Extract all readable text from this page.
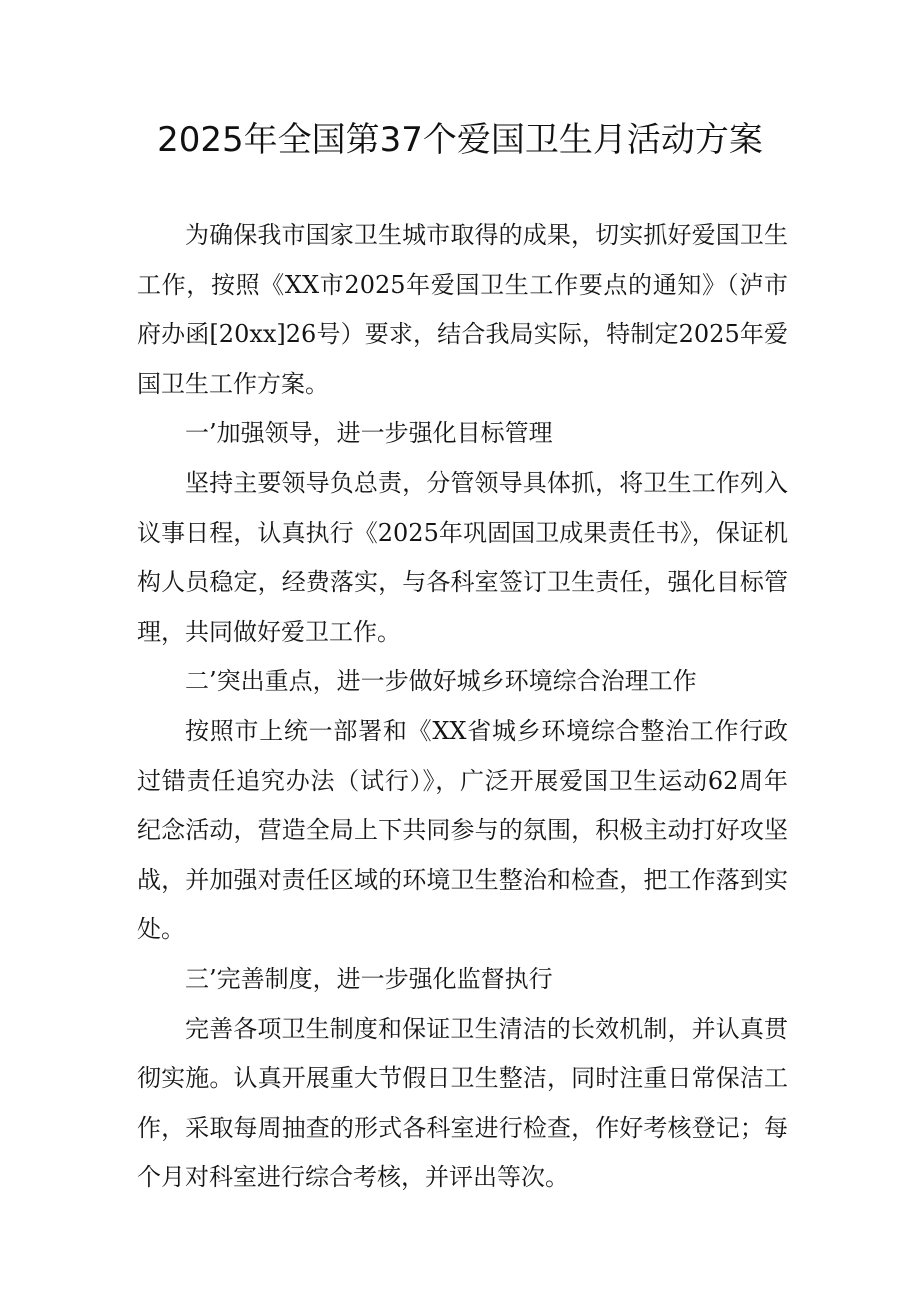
2025年全国第37个爱国卫生月活动方案

为确保我市国家卫生城市取得的成果，切实抓好爱国卫生工作，按照《XX市2025年爱国卫生工作要点的通知》（泸市府办函[20xx]26号）要求，结合我局实际，特制定2025年爱国卫生工作方案。

一’加强领导，进一步强化目标管理

坚持主要领导负总责，分管领导具体抓，将卫生工作列入议事日程，认真执行《2025年巩固国卫成果责任书》，保证机构人员稳定，经费落实，与各科室签订卫生责任，强化目标管理，共同做好爱卫工作。

二’突出重点，进一步做好城乡环境综合治理工作

按照市上统一部署和《XX省城乡环境综合整治工作行政过错责任追究办法（试行）》，广泛开展爱国卫生运动62周年纪念活动，营造全局上下共同参与的氛围，积极主动打好攻坚战，并加强对责任区域的环境卫生整治和检查，把工作落到实处。

三’完善制度，进一步强化监督执行

完善各项卫生制度和保证卫生清洁的长效机制，并认真贯彻实施。认真开展重大节假日卫生整洁，同时注重日常保洁工作，采取每周抽查的形式各科室进行检查，作好考核登记；每个月对科室进行综合考核，并评出等次。
